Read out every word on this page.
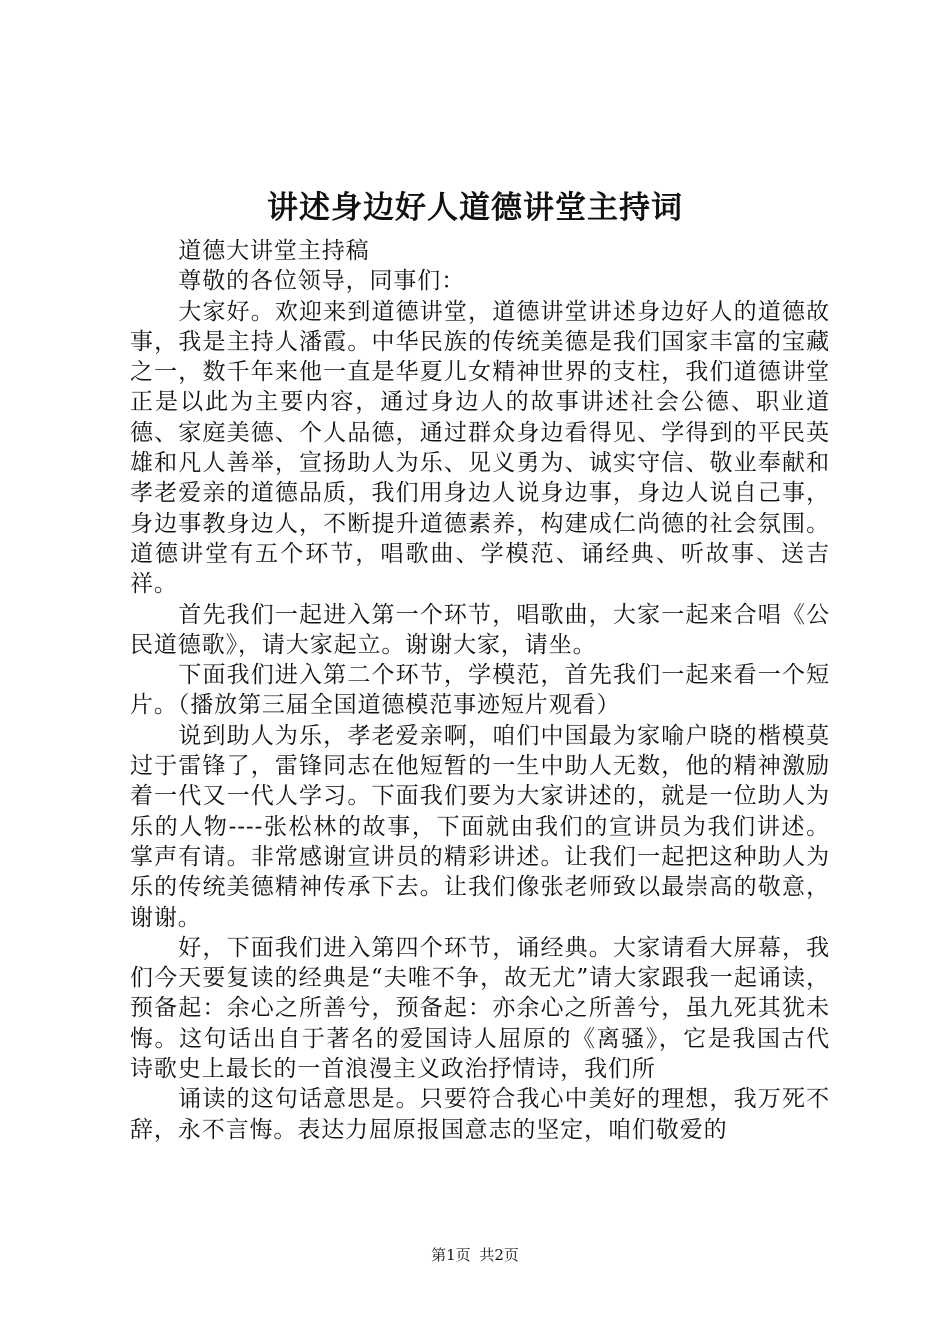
讲述身边好人道德讲堂主持词

道德大讲堂主持稿

尊敬的各位领导，同事们：

大家好。欢迎来到道德讲堂，道德讲堂讲述身边好人的道德故事，我是主持人潘霞。中华民族的传统美德是我们国家丰富的宝藏之一，数千年来他一直是华夏儿女精神世界的支柱，我们道德讲堂正是以此为主要内容，通过身边人的故事讲述社会公德、职业道德、家庭美德、个人品德，通过群众身边看得见、学得到的平民英雄和凡人善举，宣扬助人为乐、见义勇为、诚实守信、敬业奉献和孝老爱亲的道德品质，我们用身边人说身边事，身边人说自己事，身边事教身边人，不断提升道德素养，构建成仁尚德的社会氛围。道德讲堂有五个环节，唱歌曲、学模范、诵经典、听故事、送吉祥。

首先我们一起进入第一个环节，唱歌曲，大家一起来合唱《公民道德歌》，请大家起立。谢谢大家，请坐。

下面我们进入第二个环节，学模范，首先我们一起来看一个短片。（播放第三届全国道德模范事迹短片观看）

说到助人为乐，孝老爱亲啊，咱们中国最为家喻户晓的楷模莫过于雷锋了，雷锋同志在他短暂的一生中助人无数，他的精神激励着一代又一代人学习。下面我们要为大家讲述的，就是一位助人为乐的人物----张松林的故事，下面就由我们的宣讲员为我们讲述。掌声有请。非常感谢宣讲员的精彩讲述。让我们一起把这种助人为乐的传统美德精神传承下去。让我们像张老师致以最崇高的敬意，谢谢。

好，下面我们进入第四个环节，诵经典。大家请看大屏幕，我们今天要复读的经典是“夫唯不争，故无尤”请大家跟我一起诵读，预备起：余心之所善兮，预备起：亦余心之所善兮，虽九死其犹未悔。这句话出自于著名的爱国诗人屈原的《离骚》，它是我国古代诗歌史上最长的一首浪漫主义政治抒情诗，我们所

诵读的这句话意思是。只要符合我心中美好的理想，我万死不辞，永不言悔。表达力屈原报国意志的坚定，咱们敬爱的

第1页 共2页
